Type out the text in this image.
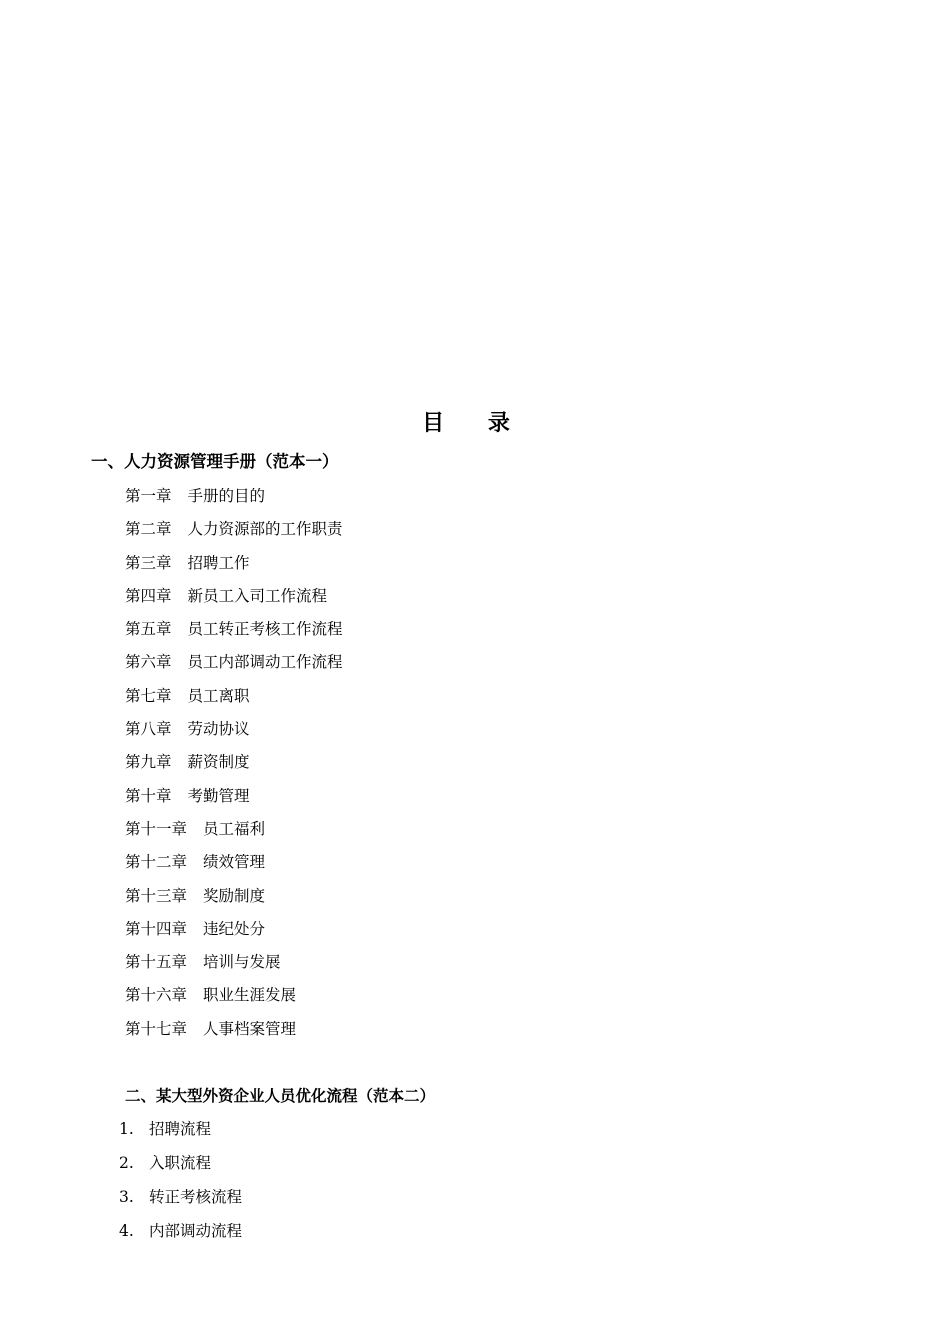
目 录
一、人力资源管理手册（范本一）
第一章 手册的目的
第二章 人力资源部的工作职责
第三章 招聘工作
第四章 新员工入司工作流程
第五章 员工转正考核工作流程
第六章 员工内部调动工作流程
第七章 员工离职
第八章 劳动协议
第九章 薪资制度
第十章 考勤管理
第十一章 员工福利
第十二章 绩效管理
第十三章 奖励制度
第十四章 违纪处分
第十五章 培训与发展
第十六章 职业生涯发展
第十七章 人事档案管理
二、某大型外资企业人员优化流程（范本二）
1. 招聘流程
2. 入职流程
3. 转正考核流程
4. 内部调动流程
